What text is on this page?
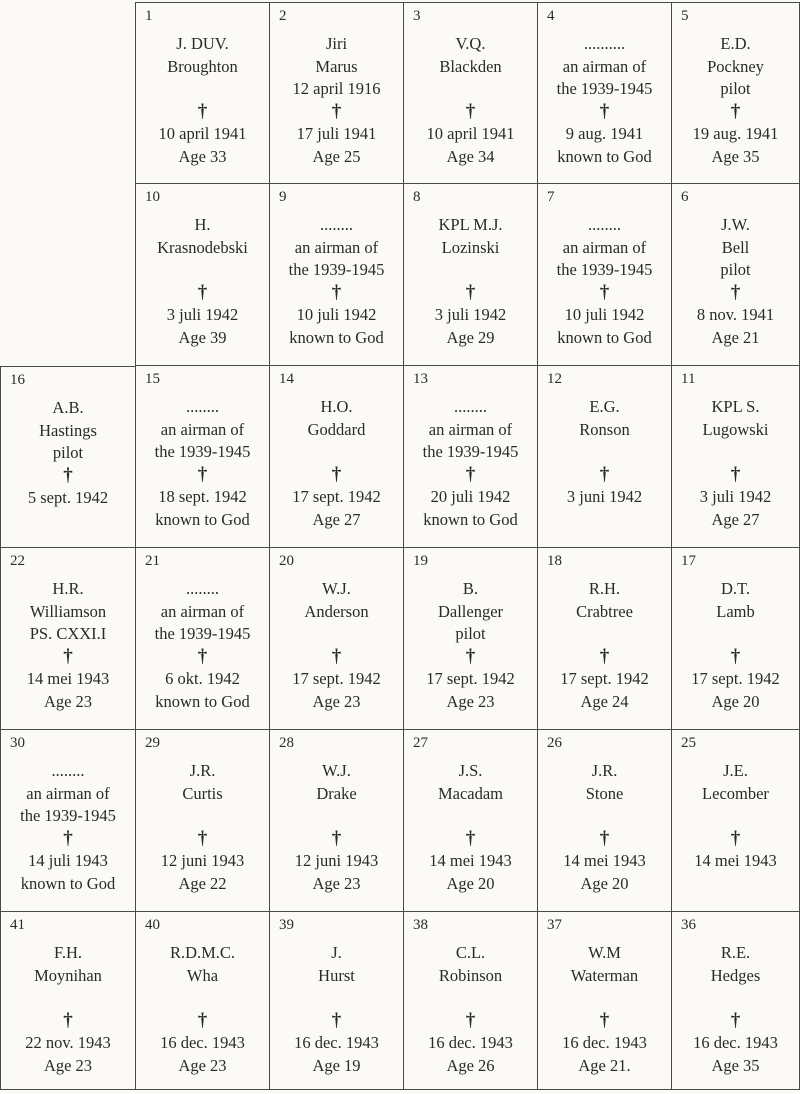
1
J. DUV.
Broughton

†
10 april 1941
Age 33
2
Jiri
Marus
12 april 1916
†
17 juli 1941
Age 25
3
V.Q.
Blackden

†
10 april 1941
Age 34
4
..........
an airman of
the 1939-1945
†
9 aug. 1941
known to God
5
E.D.
Pockney
pilot
†
19 aug. 1941
Age 35
10
H.
Krasnodebski

†
3 juli 1942
Age 39
9
........
an airman of
the 1939-1945
†
10 juli 1942
known to God
8
KPL M.J.
Lozinski

†
3 juli 1942
Age 29
7
........
an airman of
the 1939-1945
†
10 juli 1942
known to God
6
J.W.
Bell
pilot
†
8 nov. 1941
Age 21
16
A.B.
Hastings
pilot
†
5 sept. 1942

15
........
an airman of
the 1939-1945
†
18 sept. 1942
known to God
14
H.O.
Goddard

†
17 sept. 1942
Age 27
13
........
an airman of
the 1939-1945
†
20 juli 1942
known to God
12
E.G.
Ronson

†
3 juni 1942

11
KPL S.
Lugowski

†
3 juli 1942
Age 27
22
H.R.
Williamson
PS. CXXI.I
†
14 mei 1943
Age 23
21
........
an airman of
the 1939-1945
†
6 okt. 1942
known to God
20
W.J.
Anderson

†
17 sept. 1942
Age 23
19
B.
Dallenger
pilot
†
17 sept. 1942
Age 23
18
R.H.
Crabtree

†
17 sept. 1942
Age 24
17
D.T.
Lamb

†
17 sept. 1942
Age 20
30
........
an airman of
the 1939-1945
†
14 juli 1943
known to God
29
J.R.
Curtis

†
12 juni 1943
Age 22
28
W.J.
Drake

†
12 juni 1943
Age 23
27
J.S.
Macadam

†
14 mei 1943
Age 20
26
J.R.
Stone

†
14 mei 1943
Age 20
25
J.E.
Lecomber

†
14 mei 1943

41
F.H.
Moynihan

†
22 nov. 1943
Age 23
40
R.D.M.C.
Wha

†
16 dec. 1943
Age 23
39
J.
Hurst

†
16 dec. 1943
Age 19
38
C.L.
Robinson

†
16 dec. 1943
Age 26
37
W.M
Waterman

†
16 dec. 1943
Age 21.
36
R.E.
Hedges

†
16 dec. 1943
Age 35
